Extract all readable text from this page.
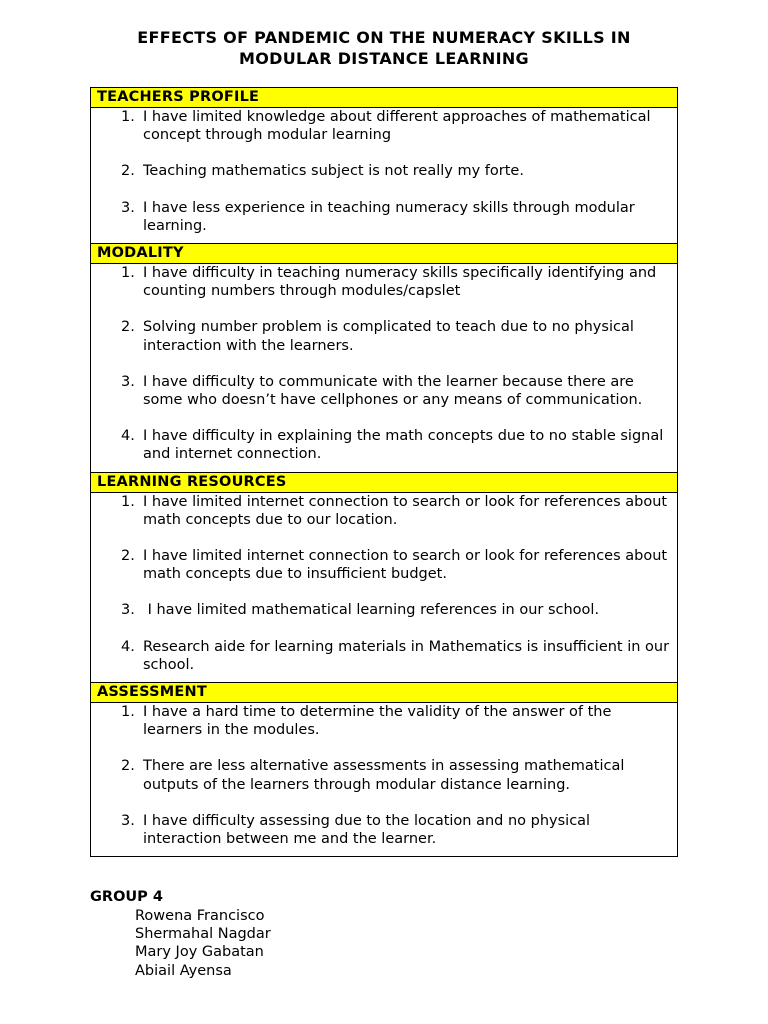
EFFECTS OF PANDEMIC ON THE NUMERACY SKILLS IN
MODULAR DISTANCE LEARNING
TEACHERS PROFILE
1. I have limited knowledge about different approaches of mathematical concept through modular learning
2. Teaching mathematics subject is not really my forte.
3. I have less experience in teaching numeracy skills through modular learning.
MODALITY
1. I have difficulty in teaching numeracy skills specifically identifying and counting numbers through modules/capslet
2. Solving number problem is complicated to teach due to no physical interaction with the learners.
3. I have difficulty to communicate with the learner because there are some who doesn’t have cellphones or any means of communication.
4. I have difficulty in explaining the math concepts due to no stable signal and internet connection.
LEARNING RESOURCES
1. I have limited internet connection to search or look for references about math concepts due to our location.
2. I have limited internet connection to search or look for references about math concepts due to insufficient budget.
3. I have limited mathematical learning references in our school.
4. Research aide for learning materials in Mathematics is insufficient in our school.
ASSESSMENT
1. I have a hard time to determine the validity of the answer of the learners in the modules.
2. There are less alternative assessments in assessing mathematical outputs of the learners through modular distance learning.
3. I have difficulty assessing due to the location and no physical interaction between me and the learner.
GROUP 4
Rowena Francisco
Shermahal Nagdar
Mary Joy Gabatan
Abiail Ayensa
